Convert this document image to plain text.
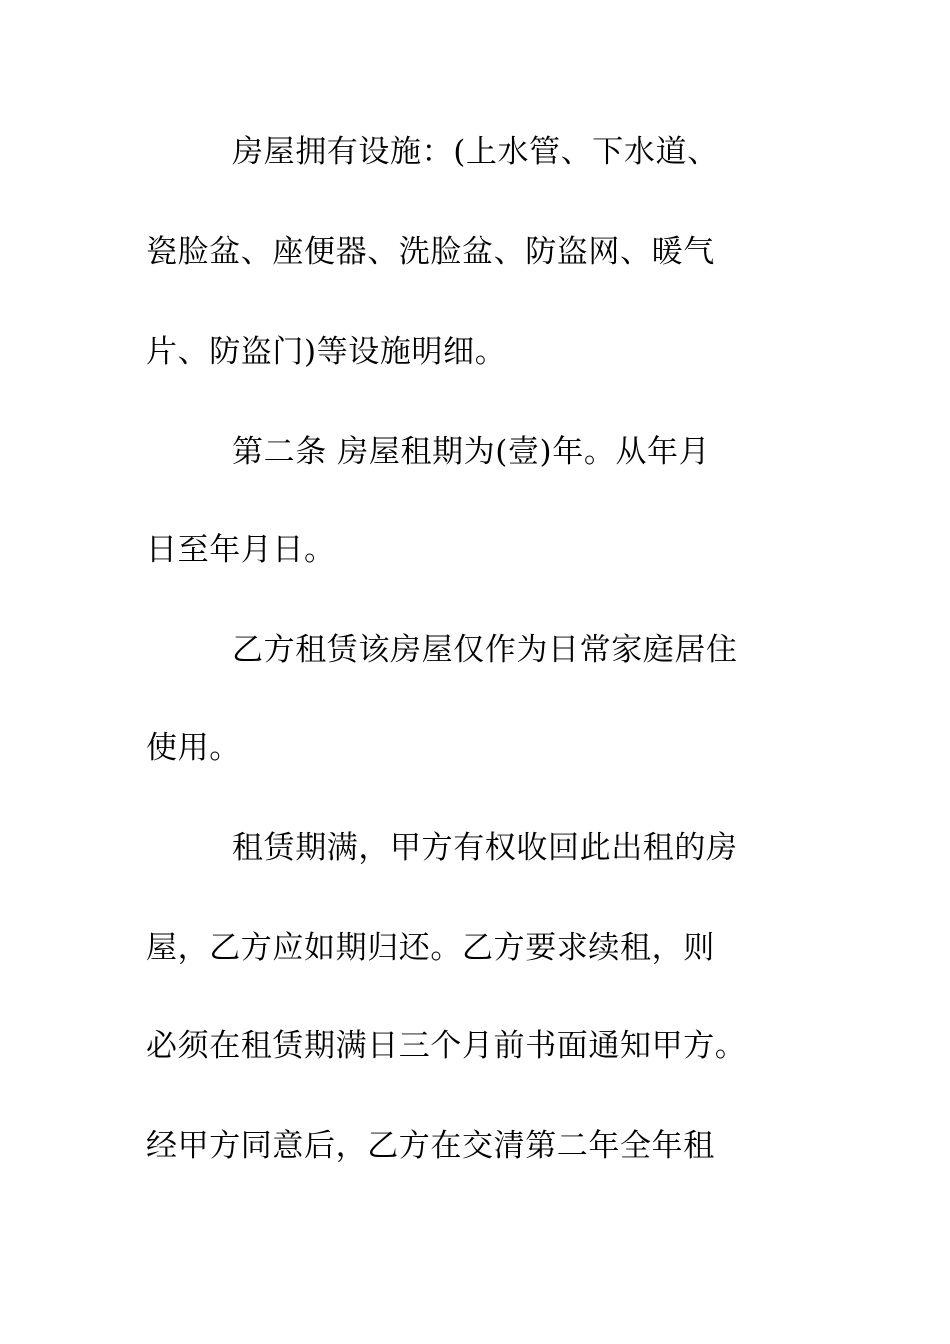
房屋拥有设施：(上水管、下水道、
瓷脸盆、座便器、洗脸盆、防盗网、暖气
片、防盗门)等设施明细。
第二条 房屋租期为(壹)年。从年月
日至年月日。
乙方租赁该房屋仅作为日常家庭居住
使用。
租赁期满，甲方有权收回此出租的房
屋，乙方应如期归还。乙方要求续租，则
必须在租赁期满日三个月前书面通知甲方。
经甲方同意后，乙方在交清第二年全年租
